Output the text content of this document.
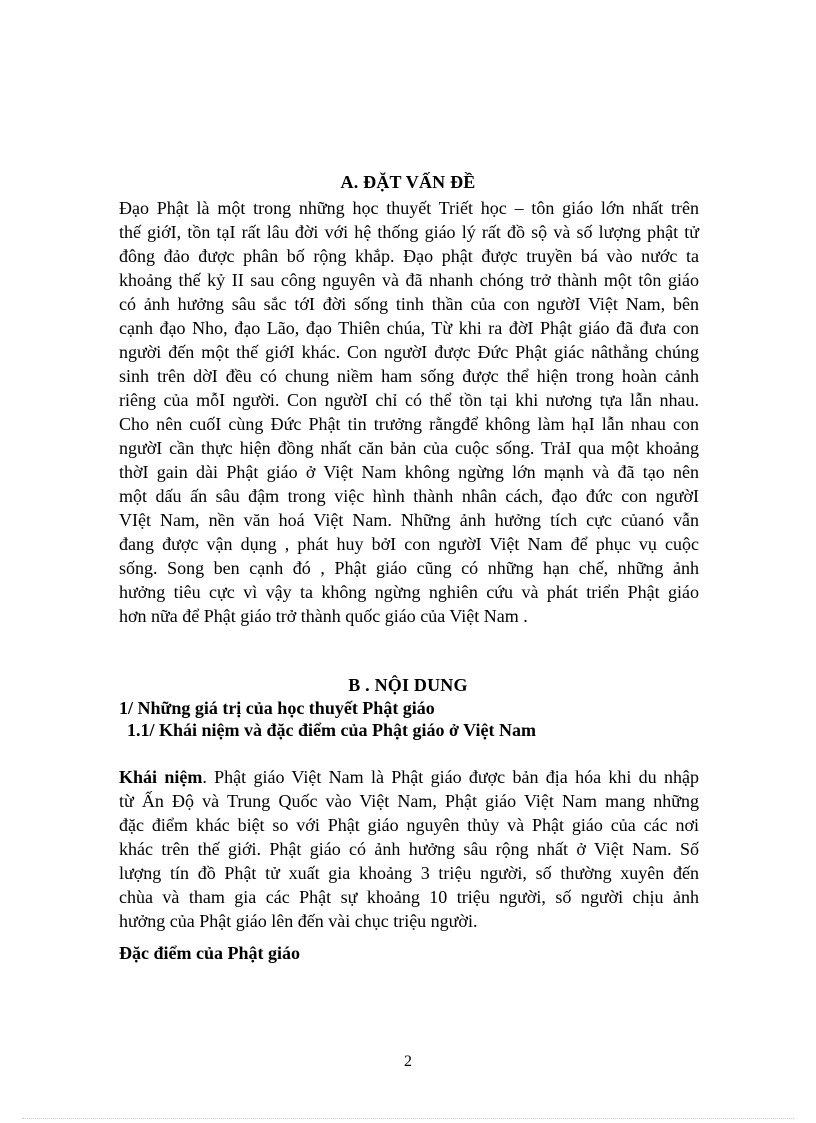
A. ĐẶT VẤN ĐỀ
Đạo Phật là một trong những học thuyết Triết học – tôn giáo lớn nhất trên
thế giớI, tồn tạI rất lâu đời với hệ thống giáo lý rất đồ sộ và số lượng phật tử
đông đảo được phân bố rộng khắp. Đạo phật được truyền bá vào nước ta
khoảng thế kỷ II sau công nguyên và đã nhanh chóng trở thành một tôn giáo
có ảnh hưởng sâu sắc tớI đời sống tinh thần của con ngườI Việt Nam, bên
cạnh đạo Nho, đạo Lão, đạo Thiên chúa, Từ khi ra đờI Phật giáo đã đưa con
người đến một thế giớI khác. Con ngườI được Đức Phật giác nâthẳng chúng
sinh trên dờI đều có chung niềm ham sống được thể hiện trong hoàn cảnh
riêng của mỗI người. Con ngườI chỉ có thể tồn tại khi nương tựa lẫn nhau.
Cho nên cuốI cùng Đức Phật tin trưởng rằngđể không làm hạI lẫn nhau con
ngườI cần thực hiện đồng nhất căn bản của cuộc sống. TrảI qua một khoảng
thờI gain dài Phật giáo ở Việt Nam không ngừng lớn mạnh và đã tạo nên
một dấu ấn sâu đậm trong việc hình thành nhân cách, đạo đức con ngườI
VIệt Nam, nền văn hoá Việt Nam. Những ảnh hưởng tích cực củanó vẫn
đang được vận dụng , phát huy bởI con ngườI Việt Nam để phục vụ cuộc
sống. Song ben cạnh đó , Phật giáo cũng có những hạn chế, những ảnh
hưởng tiêu cực vì vậy ta không ngừng nghiên cứu và phát triển Phật giáo
hơn nữa để Phật giáo trở thành quốc giáo của Việt Nam .
B . NỘI DUNG
1/ Những giá trị của học thuyết Phật giáo
1.1/ Khái niệm và đặc điểm của Phật giáo ở Việt Nam
Khái niệm. Phật giáo Việt Nam là Phật giáo được bản địa hóa khi du nhập
từ Ấn Độ và Trung Quốc vào Việt Nam, Phật giáo Việt Nam mang những
đặc điểm khác biệt so với Phật giáo nguyên thủy và Phật giáo của các nơi
khác trên thế giới. Phật giáo có ảnh hưởng sâu rộng nhất ở Việt Nam. Số
lượng tín đồ Phật tử xuất gia khoảng 3 triệu người, số thường xuyên đến
chùa và tham gia các Phật sự khoảng 10 triệu người, số người chịu ảnh
hưởng của Phật giáo lên đến vài chục triệu người.
Đặc điểm của Phật giáo
2
